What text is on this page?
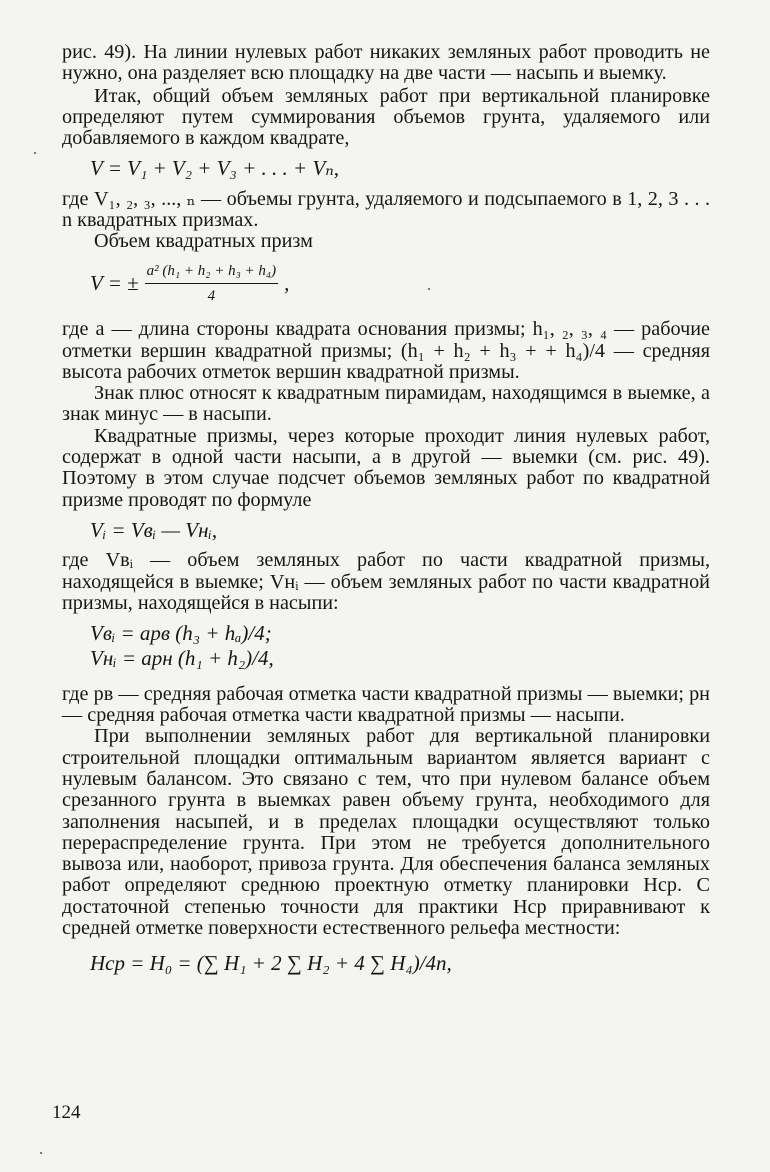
рис. 49). На линии нулевых работ никаких земляных работ проводить не нужно, она разделяет всю площадку на две части — насыпь и выемку.

Итак, общий объем земляных работ при вертикальной планировке определяют путем суммирования объемов грунта, удаляемого или добавляемого в каждом квадрате,

V = V₁ + V₂ + V₃ + . . . + Vₙ,

где V₁, ₂, ₃, ..., ₙ — объемы грунта, удаляемого и подсыпаемого в 1, 2, 3 . . . n квадратных призмах.

Объем квадратных призм

V = ± $\frac{\text{a² (h₁ + h₂ + h₃ + h₄)}}{4}$ ,

где a — длина стороны квадрата основания призмы; h₁, ₂, ₃, ₄ — рабочие отметки вершин квадратной призмы; (h₁ + h₂ + h₃ + + h₄)/4 — средняя высота рабочих отметок вершин квадратной призмы.

Знак плюс относят к квадратным пирамидам, находящимся в выемке, а знак минус — в насыпи.

Квадратные призмы, через которые проходит линия нулевых работ, содержат в одной части насыпи, а в другой — выемки (см. рис. 49). Поэтому в этом случае подсчет объемов земляных работ по квадратной призме проводят по формуле

Vᵢ = Vвᵢ — Vнᵢ,

где Vвᵢ — объем земляных работ по части квадратной призмы, находящейся в выемке; Vнᵢ — объем земляных работ по части квадратной призмы, находящейся в насыпи:

Vвᵢ = apв (h₃ + hₐ)/4;
Vнᵢ = apн (h₁ + h₂)/4,

где pв — средняя рабочая отметка части квадратной призмы — выемки; pн — средняя рабочая отметка части квадратной призмы — насыпи.

При выполнении земляных работ для вертикальной планировки строительной площадки оптимальным вариантом является вариант с нулевым балансом. Это связано с тем, что при нулевом балансе объем срезанного грунта в выемках равен объему грунта, необходимого для заполнения насыпей, и в пределах площадки осуществляют только перераспределение грунта. При этом не требуется дополнительного вывоза или, наоборот, привоза грунта. Для обеспечения баланса земляных работ определяют среднюю проектную отметку планировки Hср. С достаточной степенью точности для практики Hср приравнивают к средней отметке поверхности естественного рельефа местности:

Hср = H₀ = (∑ H₁ + 2 ∑ H₂ + 4 ∑ H₄)/4n,
124
